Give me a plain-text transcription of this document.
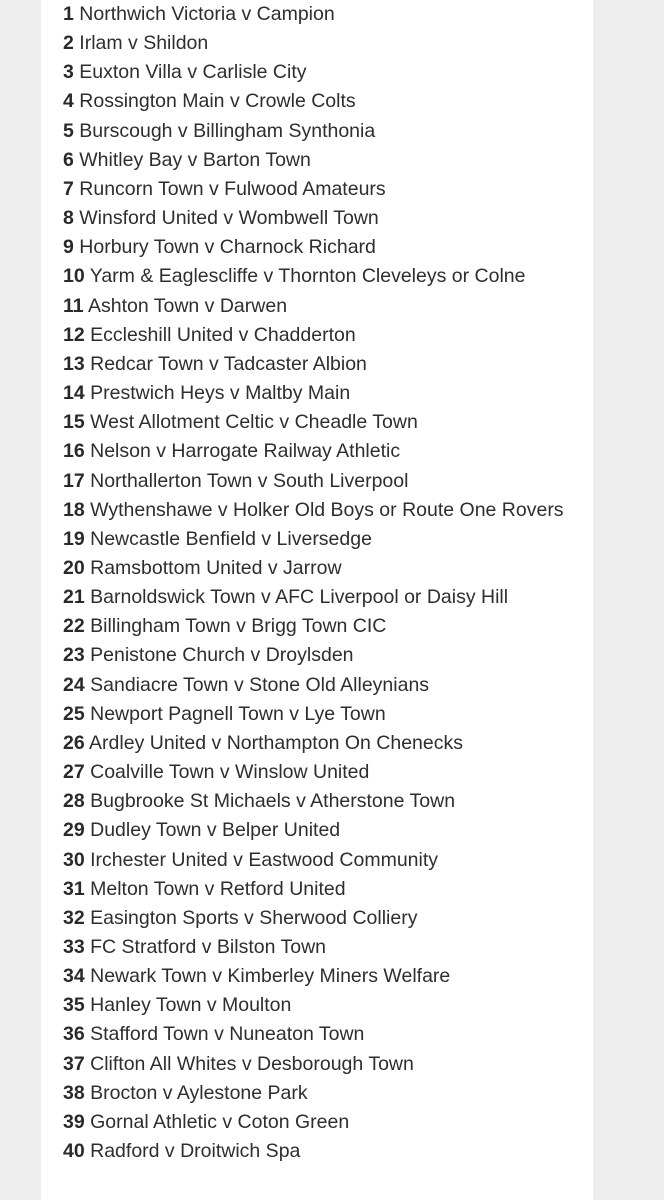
1 Northwich Victoria v Campion
2 Irlam v Shildon
3 Euxton Villa v Carlisle City
4 Rossington Main v Crowle Colts
5 Burscough v Billingham Synthonia
6 Whitley Bay v Barton Town
7 Runcorn Town v Fulwood Amateurs
8 Winsford United v Wombwell Town
9 Horbury Town v Charnock Richard
10 Yarm & Eaglescliffe v Thornton Cleveleys or Colne
11 Ashton Town v Darwen
12 Eccleshill United v Chadderton
13 Redcar Town v Tadcaster Albion
14 Prestwich Heys v Maltby Main
15 West Allotment Celtic v Cheadle Town
16 Nelson v Harrogate Railway Athletic
17 Northallerton Town v South Liverpool
18 Wythenshawe v Holker Old Boys or Route One Rovers
19 Newcastle Benfield v Liversedge
20 Ramsbottom United v Jarrow
21 Barnoldswick Town v AFC Liverpool or Daisy Hill
22 Billingham Town v Brigg Town CIC
23 Penistone Church v Droylsden
24 Sandiacre Town v Stone Old Alleynians
25 Newport Pagnell Town v Lye Town
26 Ardley United v Northampton On Chenecks
27 Coalville Town v Winslow United
28 Bugbrooke St Michaels v Atherstone Town
29 Dudley Town v Belper United
30 Irchester United v Eastwood Community
31 Melton Town v Retford United
32 Easington Sports v Sherwood Colliery
33 FC Stratford v Bilston Town
34 Newark Town v Kimberley Miners Welfare
35 Hanley Town v Moulton
36 Stafford Town v Nuneaton Town
37 Clifton All Whites v Desborough Town
38 Brocton v Aylestone Park
39 Gornal Athletic v Coton Green
40 Radford v Droitwich Spa
